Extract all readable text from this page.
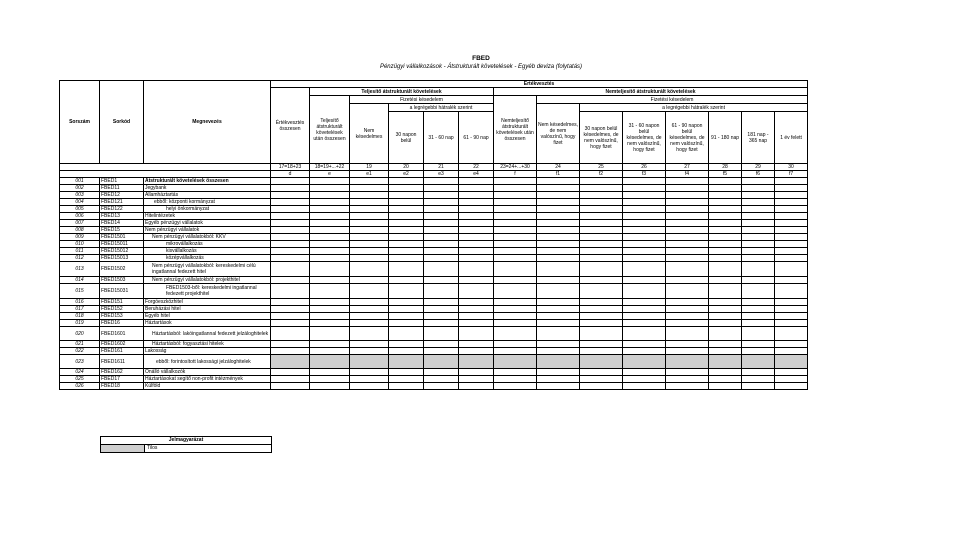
FBED
Pénzügyi vállalkozások - Átstrukturált követelések - Egyéb deviza (folytatás)
Sorszám	Sorkód	Megnevezés	Értékvesztés													
			Értékvesztés összesen	Teljesítő átstrukturált követelések					Nemteljesítő átstrukturált követelések							
				Teljesítő átstrukturált követelések után összesen	Fizetési késedelem				Nemteljesítő átstrukturált követelések után összesen	Fizetési késedelem						
					Nem késedelmes	a legrégebbi hátralék szerint				Nem késedelmes, de nem valószínű, hogy fizet	a legrégebbi hátralék szerint					
						30 napon belül	31 - 60 nap	61 - 90 nap			30 napon belül késedelmes, de nem valószínű, hogy fizet	31 - 60 napon belül késedelmes, de nem valószínű, hogy fizet	61 - 90 napon belül késedelmes, de nem valószínű, hogy fizet	91 - 180 nap	181 nap - 365 nap	1 év felett
			17=18+23	18=19+...+22	19	20	21	22	23=24+...+30	24	25	26	27	28	29	30
			d	e	e1	e2	e3	e4	f	f1	f2	f3	f4	f5	f6	f7
001	FBED1	Átstrukturált követelések összesen														
002	FBED11	Jegybank														
003	FBED12	Államháztartás														
004	FBED121	ebből: központi kormányzat														
005	FBED122	helyi önkormányzat														
006	FBED13	Hitelintézetek														
007	FBED14	Egyéb pénzügyi vállalatok														
008	FBED15	Nem pénzügyi vállalatok														
009	FBED1501	Nem pénzügyi vállalatokból: KKV														
010	FBED15011	mikrovállalkozás														
011	FBED15012	kisvállalkozás														
012	FBED15013	középvállalkozás														
013	FBED1502	Nem pénzügyi vállalatokból: kereskedelmi célú ingatlannal fedezett hitel														
014	FBED1503	Nem pénzügyi vállalatokból: projekthitel														
015	FBED15031	FBED1503-ből: kereskedelmi ingatlannal fedezett projekthitel														
016	FBED151	Forgóeszközhitel														
017	FBED152	Beruházási hitel														
018	FBED153	Egyéb hitel														
019	FBED16	Háztartások														
020	FBED1601	Háztartásból: lakóingatlannal fedezett jelzáloghitelek														
021	FBED1602	Háztartásból: fogyasztási hitelek														
022	FBED161	Lakosság														
023	FBED1611	ebből: forintosított lakossági jelzáloghitelek														
024	FBED162	Önálló vállalkozók														
025	FBED17	Háztartásokat segítő non-profit intézmények														
026	FBED18	Külföld														
Jelmagyarázat
	Tilos
